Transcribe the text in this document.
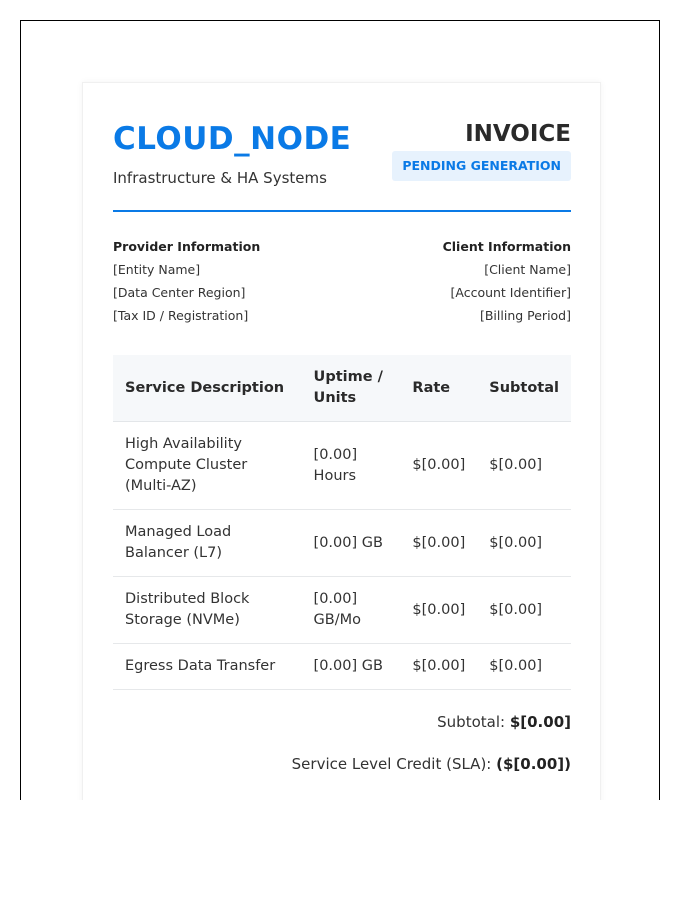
CLOUD_NODE
Infrastructure & HA Systems
INVOICE
PENDING GENERATION
Provider Information
[Entity Name]
[Data Center Region]
[Tax ID / Registration]
Client Information
[Client Name]
[Account Identifier]
[Billing Period]
Service Description	Uptime / Units	Rate	Subtotal
High Availability Compute Cluster (Multi-AZ)	[0.00] Hours	$[0.00]	$[0.00]
Managed Load Balancer (L7)	[0.00] GB	$[0.00]	$[0.00]
Distributed Block Storage (NVMe)	[0.00] GB/Mo	$[0.00]	$[0.00]
Egress Data Transfer	[0.00] GB	$[0.00]	$[0.00]
Subtotal: $[0.00]
Service Level Credit (SLA): ($[0.00])
